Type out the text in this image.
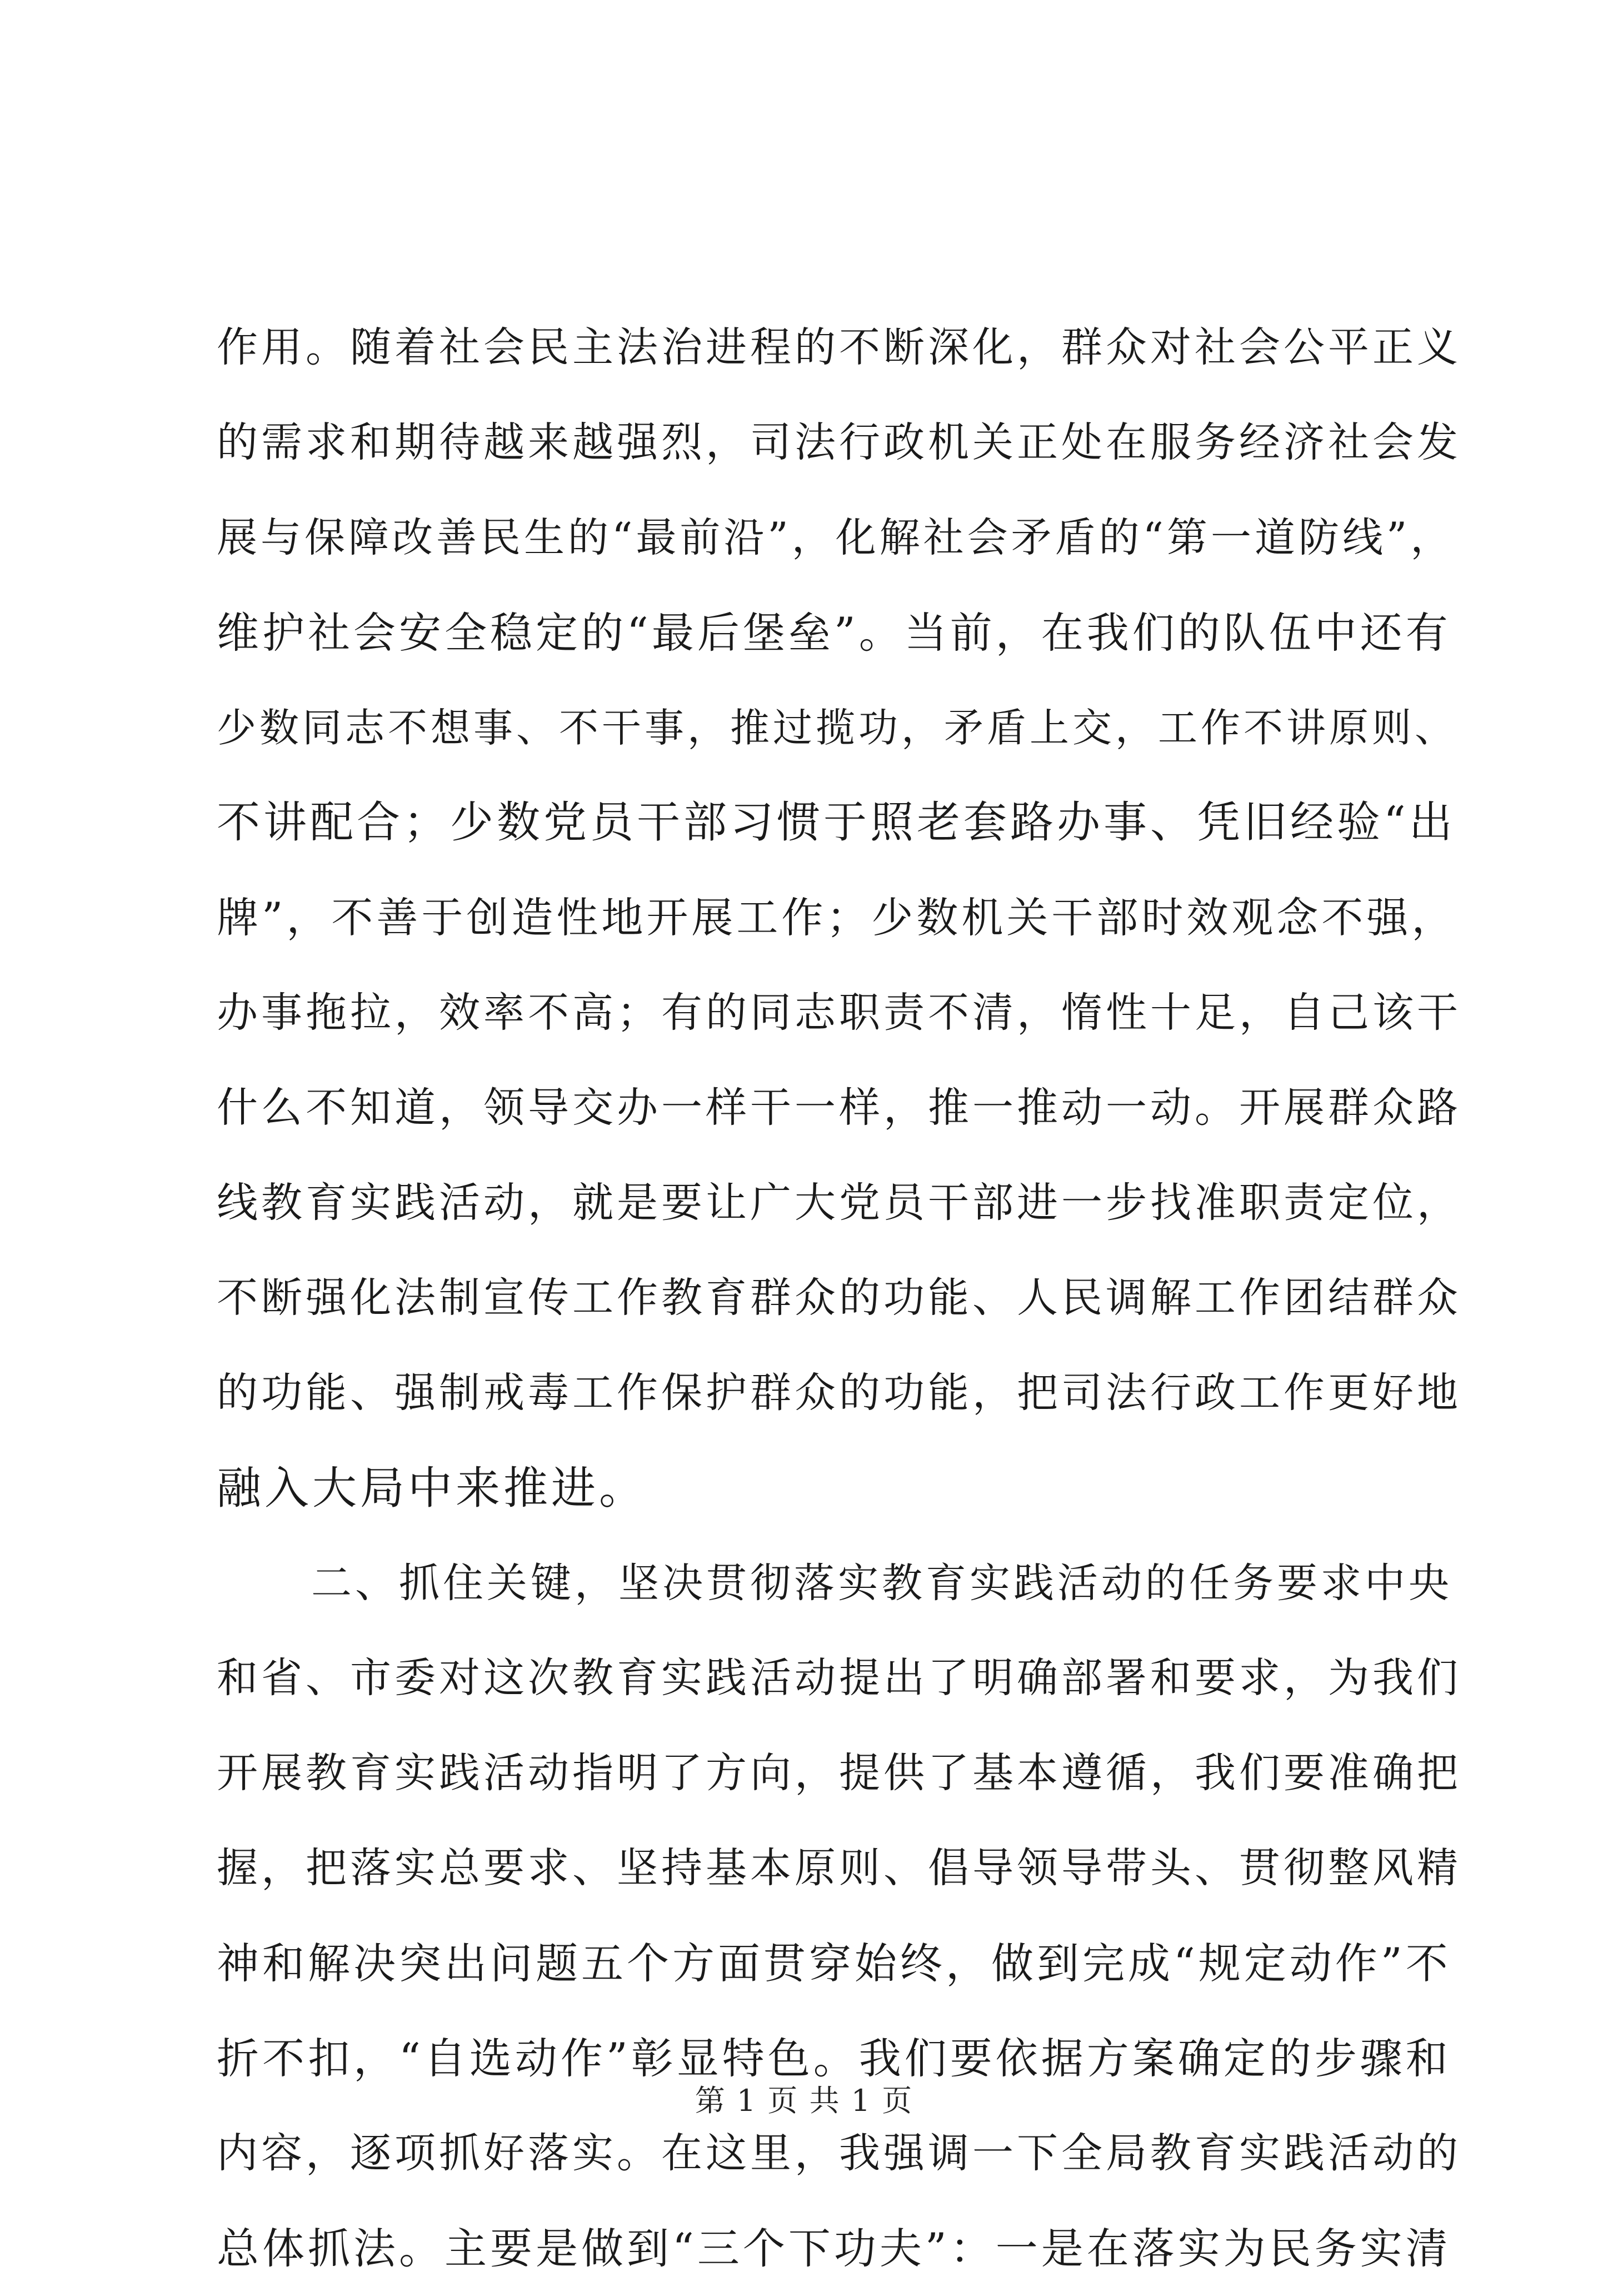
作用。随着社会民主法治进程的不断深化，群众对社会公平正义
的需求和期待越来越强烈，司法行政机关正处在服务经济社会发
展与保障改善民生的“最前沿”，化解社会矛盾的“第一道防线”，
维护社会安全稳定的“最后堡垒”。当前，在我们的队伍中还有
少数同志不想事、不干事，推过揽功，矛盾上交，工作不讲原则、
不讲配合；少数党员干部习惯于照老套路办事、凭旧经验“出
牌”，不善于创造性地开展工作；少数机关干部时效观念不强，
办事拖拉，效率不高；有的同志职责不清，惰性十足，自己该干
什么不知道，领导交办一样干一样，推一推动一动。开展群众路
线教育实践活动，就是要让广大党员干部进一步找准职责定位，
不断强化法制宣传工作教育群众的功能、人民调解工作团结群众
的功能、强制戒毒工作保护群众的功能，把司法行政工作更好地
融入大局中来推进。
二、抓住关键，坚决贯彻落实教育实践活动的任务要求中央
和省、市委对这次教育实践活动提出了明确部署和要求，为我们
开展教育实践活动指明了方向，提供了基本遵循，我们要准确把
握，把落实总要求、坚持基本原则、倡导领导带头、贯彻整风精
神和解决突出问题五个方面贯穿始终，做到完成“规定动作”不
折不扣，“自选动作”彰显特色。我们要依据方案确定的步骤和
内容，逐项抓好落实。在这里，我强调一下全局教育实践活动的
总体抓法。主要是做到“三个下功夫”：一是在落实为民务实清
第 1 页 共 1 页
